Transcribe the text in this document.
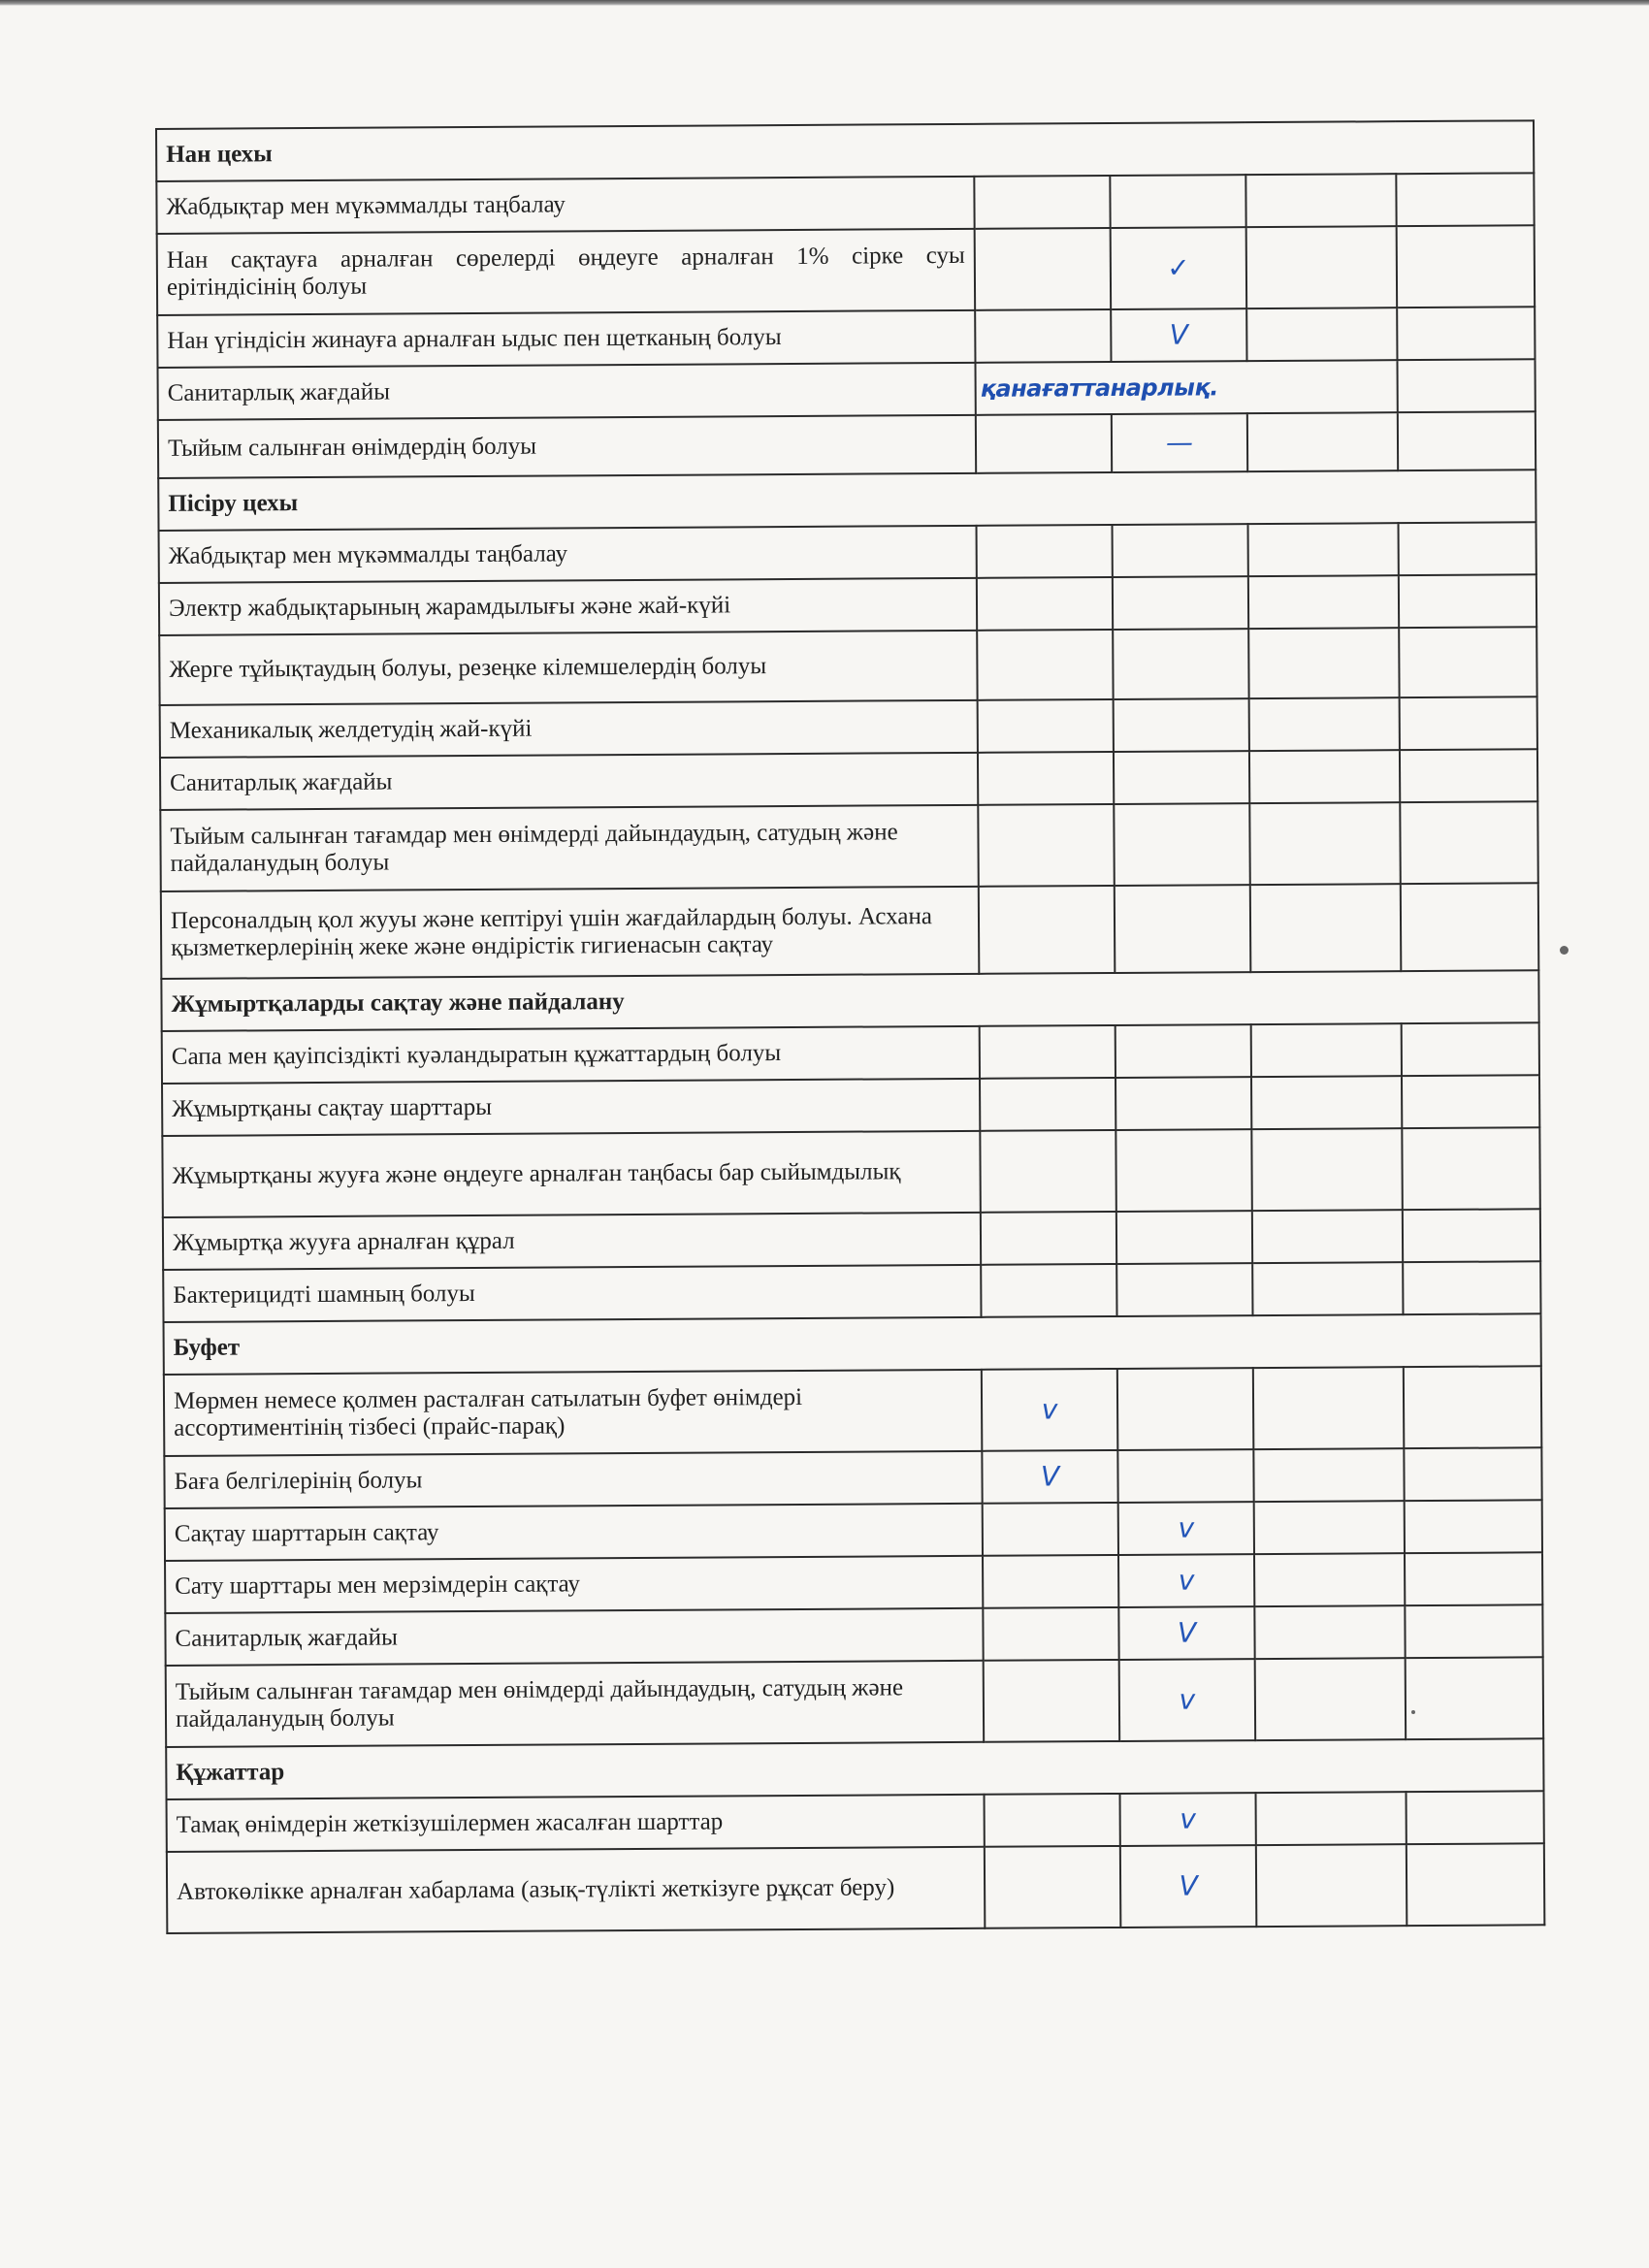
Нан цехы				
Жабдықтар мен мүкәммалды таңбалау				
Нан сақтауға арналған сөрелерді өңдеуге арналған 1% сірке суы ерітіндісінің болуы		✓		
Нан үгіндісін жинауға арналған ыдыс пен щетканың болуы		V		
Санитарлық жағдайы	қанағаттанарлық.			
Тыйым салынған өнімдердің болуы		—		
Пісіру цехы				
Жабдықтар мен мүкәммалды таңбалау				
Электр жабдықтарының жарамдылығы және жай-күйі				
Жерге тұйықтаудың болуы, резеңке кілемшелердің болуы				
Механикалық желдетудің жай-күйі				
Санитарлық жағдайы				
Тыйым салынған тағамдар мен өнімдерді дайындаудың, сатудың және пайдаланудың болуы				
Персоналдың қол жууы және кептіруі үшін жағдайлардың болуы. Асхана қызметкерлерінің жеке және өндірістік гигиенасын сақтау				
Жұмыртқаларды сақтау және пайдалану				
Сапа мен қауіпсіздікті куәландыратын құжаттардың болуы				
Жұмыртқаны сақтау шарттары				
Жұмыртқаны жууға және өңдеуге арналған таңбасы бар сыйымдылық				
Жұмыртқа жууға арналған құрал				
Бактерицидті шамның болуы				
Буфет				
Мөрмен немесе қолмен расталған сатылатын буфет өнімдері ассортиментінің тізбесі (прайс-парақ)	v			
Баға белгілерінің болуы	V			
Сақтау шарттарын сақтау		v		
Сату шарттары мен мерзімдерін сақтау		v		
Санитарлық жағдайы		V		
Тыйым салынған тағамдар мен өнімдерді дайындаудың, сатудың және пайдаланудың болуы		v		
Құжаттар				
Тамақ өнімдерін жеткізушілермен жасалған шарттар		v		
Автокөлікке арналған хабарлама (азық-түлікті жеткізуге рұқсат беру)		V		
